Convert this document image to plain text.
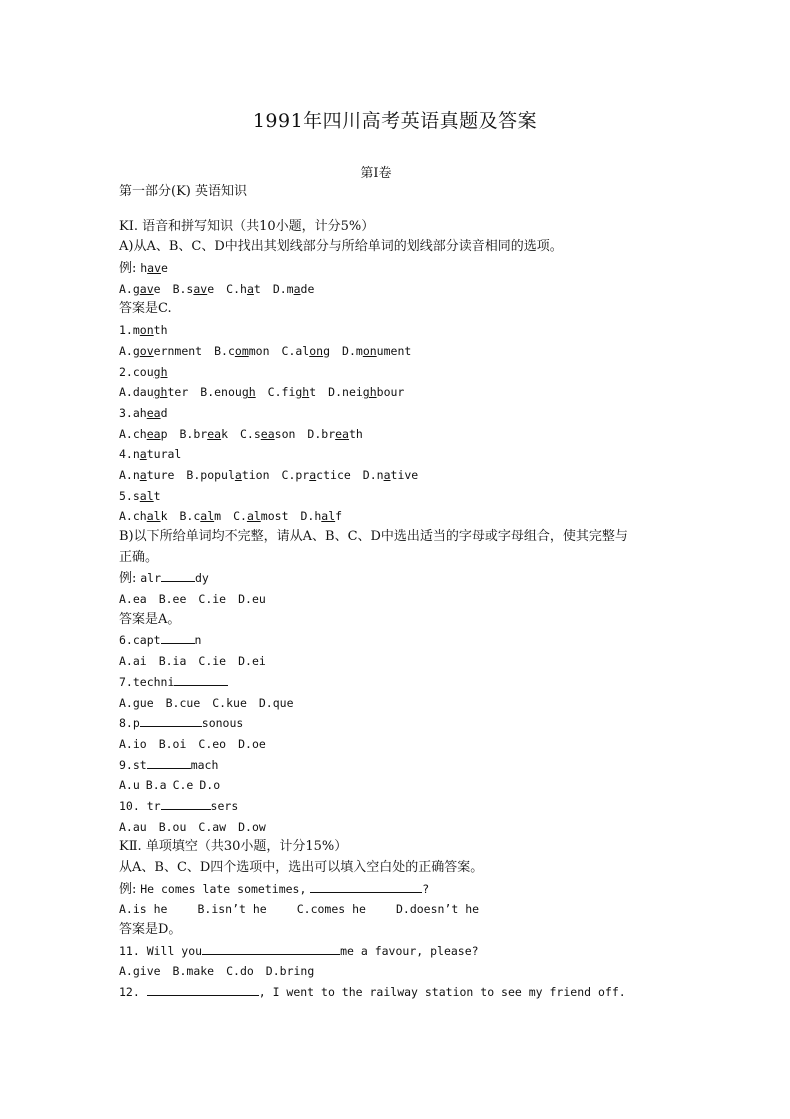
1991年四川高考英语真题及答案
第Ⅰ卷
第一部分(K) 英语知识
KⅠ. 语音和拼写知识（共10小题，计分5%）
A)从A、B、C、D中找出其划线部分与所给单词的划线部分读音相同的选项。
例: have
A.gave B.save C.hat D.made
答案是C.
1.month
A.government B.common C.along D.monument
2.cough
A.daughter B.enough C.fight D.neighbour
3.ahead
A.cheap B.break C.season D.breath
4.natural
A.nature B.population C.practice D.native
5.salt
A.chalk B.calm C.almost D.half
B)以下所给单词均不完整，请从A、B、C、D中选出适当的字母或字母组合，使其完整与
正确。
例: alr	dy
A.ea B.ee C.ie D.eu
答案是A。
6.capt	n
A.ai B.ia C.ie D.ei
7.techni
A.gue B.cue C.kue D.que
8.p	sonous
A.io B.oi C.eo D.oe
9.st	mach
A.u B.a C.e D.o
10. tr	sers
A.au B.ou C.aw D.ow
KⅡ. 单项填空（共30小题，计分15%）
从A、B、C、D四个选项中，选出可以填入空白处的正确答案。
例: He comes late sometimes,	?
A.is he	B.isn’t he	C.comes he	D.doesn’t he
答案是D。
11. Will you	me a favour, please?
A.give B.make C.do D.bring
12.	, I went to the railway station to see my friend off.
